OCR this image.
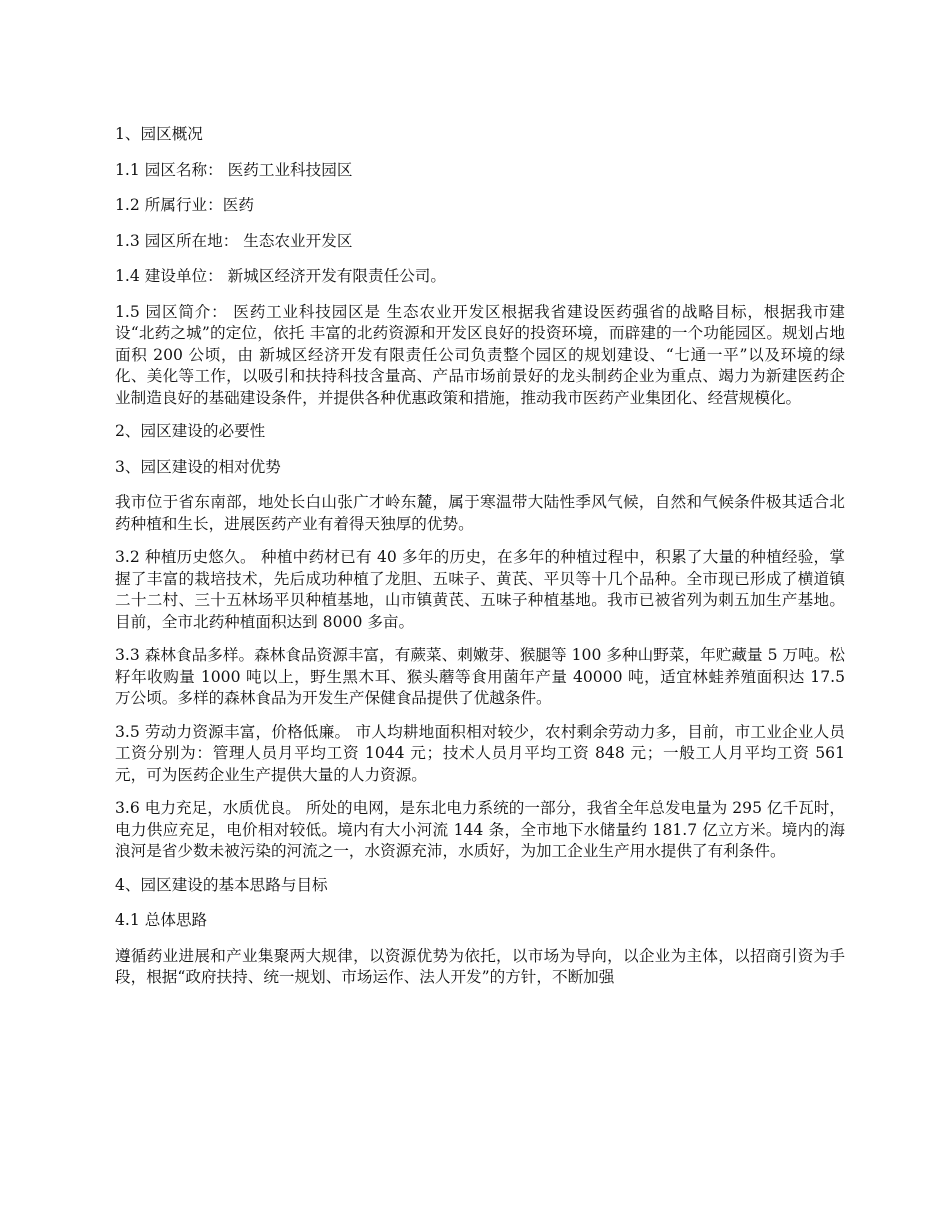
1、园区概况

1.1 园区名称： 医药工业科技园区

1.2 所属行业：医药

1.3 园区所在地： 生态农业开发区

1.4 建设单位： 新城区经济开发有限责任公司。

1.5 园区简介： 医药工业科技园区是 生态农业开发区根据我省建设医药强省的战略目标，根据我市建设“北药之城”的定位，依托 丰富的北药资源和开发区良好的投资环境，而辟建的一个功能园区。规划占地面积 200 公顷，由 新城区经济开发有限责任公司负责整个园区的规划建设、“七通一平”以及环境的绿化、美化等工作，以吸引和扶持科技含量高、产品市场前景好的龙头制药企业为重点、竭力为新建医药企业制造良好的基础建设条件，并提供各种优惠政策和措施，推动我市医药产业集团化、经营规模化。

2、园区建设的必要性

3、园区建设的相对优势

我市位于省东南部，地处长白山张广才岭东麓，属于寒温带大陆性季风气候，自然和气候条件极其适合北药种植和生长，进展医药产业有着得天独厚的优势。

3.2 种植历史悠久。 种植中药材已有 40 多年的历史，在多年的种植过程中，积累了大量的种植经验，掌握了丰富的栽培技术，先后成功种植了龙胆、五味子、黄芪、平贝等十几个品种。全市现已形成了横道镇二十二村、三十五林场平贝种植基地，山市镇黄芪、五味子种植基地。我市已被省列为刺五加生产基地。目前，全市北药种植面积达到 8000 多亩。

3.3 森林食品多样。森林食品资源丰富，有蕨菜、刺嫩芽、猴腿等 100 多种山野菜，年贮藏量 5 万吨。松籽年收购量 1000 吨以上，野生黑木耳、猴头蘑等食用菌年产量 40000 吨，适宜林蛙养殖面积达 17.5 万公顷。多样的森林食品为开发生产保健食品提供了优越条件。

3.5 劳动力资源丰富，价格低廉。 市人均耕地面积相对较少，农村剩余劳动力多，目前，市工业企业人员工资分别为：管理人员月平均工资 1044 元；技术人员月平均工资 848 元；一般工人月平均工资 561 元，可为医药企业生产提供大量的人力资源。

3.6 电力充足，水质优良。 所处的电网，是东北电力系统的一部分，我省全年总发电量为 295 亿千瓦时，电力供应充足，电价相对较低。境内有大小河流 144 条，全市地下水储量约 181.7 亿立方米。境内的海浪河是省少数未被污染的河流之一，水资源充沛，水质好，为加工企业生产用水提供了有利条件。

4、园区建设的基本思路与目标

4.1 总体思路

遵循药业进展和产业集聚两大规律，以资源优势为依托，以市场为导向，以企业为主体，以招商引资为手段，根据“政府扶持、统一规划、市场运作、法人开发”的方针，不断加强
